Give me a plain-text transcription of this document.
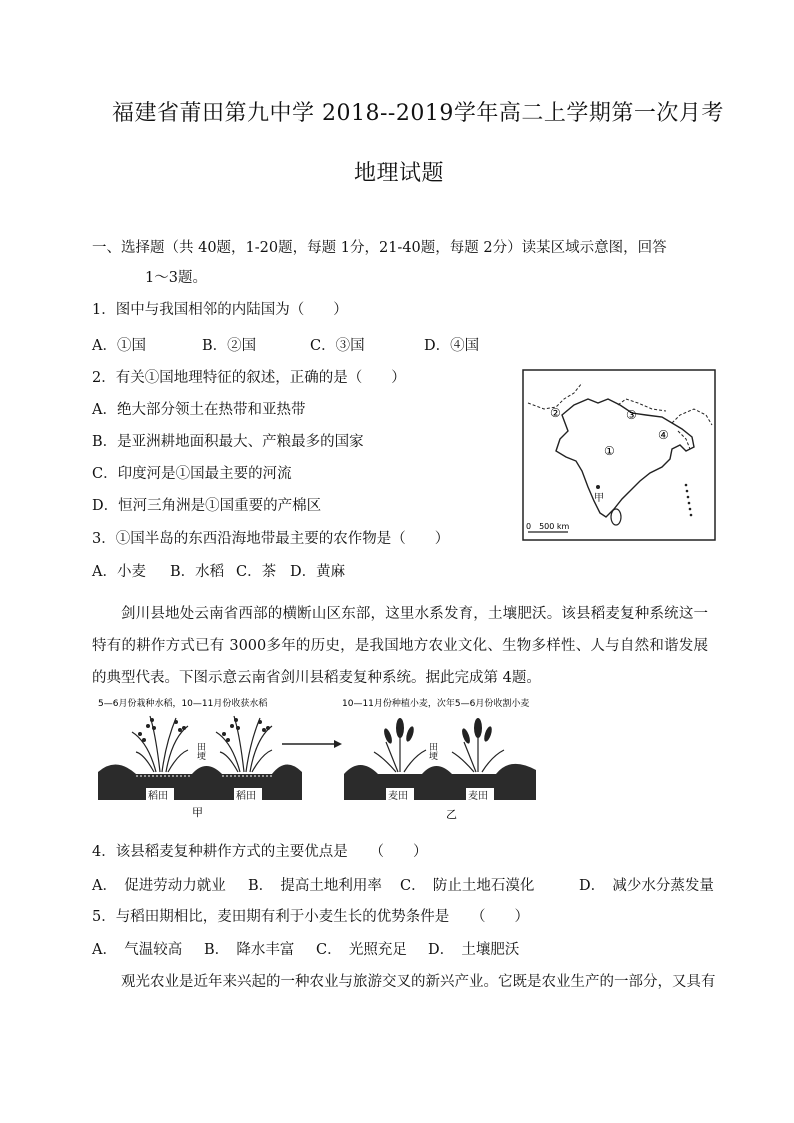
福建省莆田第九中学 2018--2019学年高二上学期第一次月考
地理试题
一、选择题（共 40题，1-20题，每题 1分，21-40题，每题 2分）读某区域示意图，回答
1～3题。
1．图中与我国相邻的内陆国为（　　）
A．①国	B．②国	C．③国	D．④国
2．有关①国地理特征的叙述，正确的是（　　）
A．绝大部分领土在热带和亚热带
B．是亚洲耕地面积最大、产粮最多的国家
C．印度河是①国最主要的河流
D．恒河三角洲是①国重要的产棉区
3．①国半岛的东西沿海地带最主要的农作物是（　　）
A．小麦 B．水稻 C．茶 D．黄麻
①
②	③
④
甲
0　500 km
剑川县地处云南省西部的横断山区东部，这里水系发育，土壤肥沃。该县稻麦复种系统这一特有的耕作方式已有 3000多年的历史，是我国地方农业文化、生物多样性、人与自然和谐发展的典型代表。下图示意云南省剑川县稻麦复种系统。据此完成第 4题。
5—6月份栽种水稻，10—11月份收获水稻	10—11月份种植小麦，次年5—6月份收割小麦
田埂
稻田	稻田
甲
田埂
麦田	麦田
乙
4．该县稻麦复种耕作方式的主要优点是　　（　　）
A．　促进劳动力就业 B．　提高土地利用率 C．　防止土地石漠化	D．　减少水分蒸发量
5．与稻田期相比，麦田期有利于小麦生长的优势条件是　　（　　）
A．　气温较高 B．　降水丰富 C．　光照充足 D．　土壤肥沃
观光农业是近年来兴起的一种农业与旅游交叉的新兴产业。它既是农业生产的一部分，又具有
